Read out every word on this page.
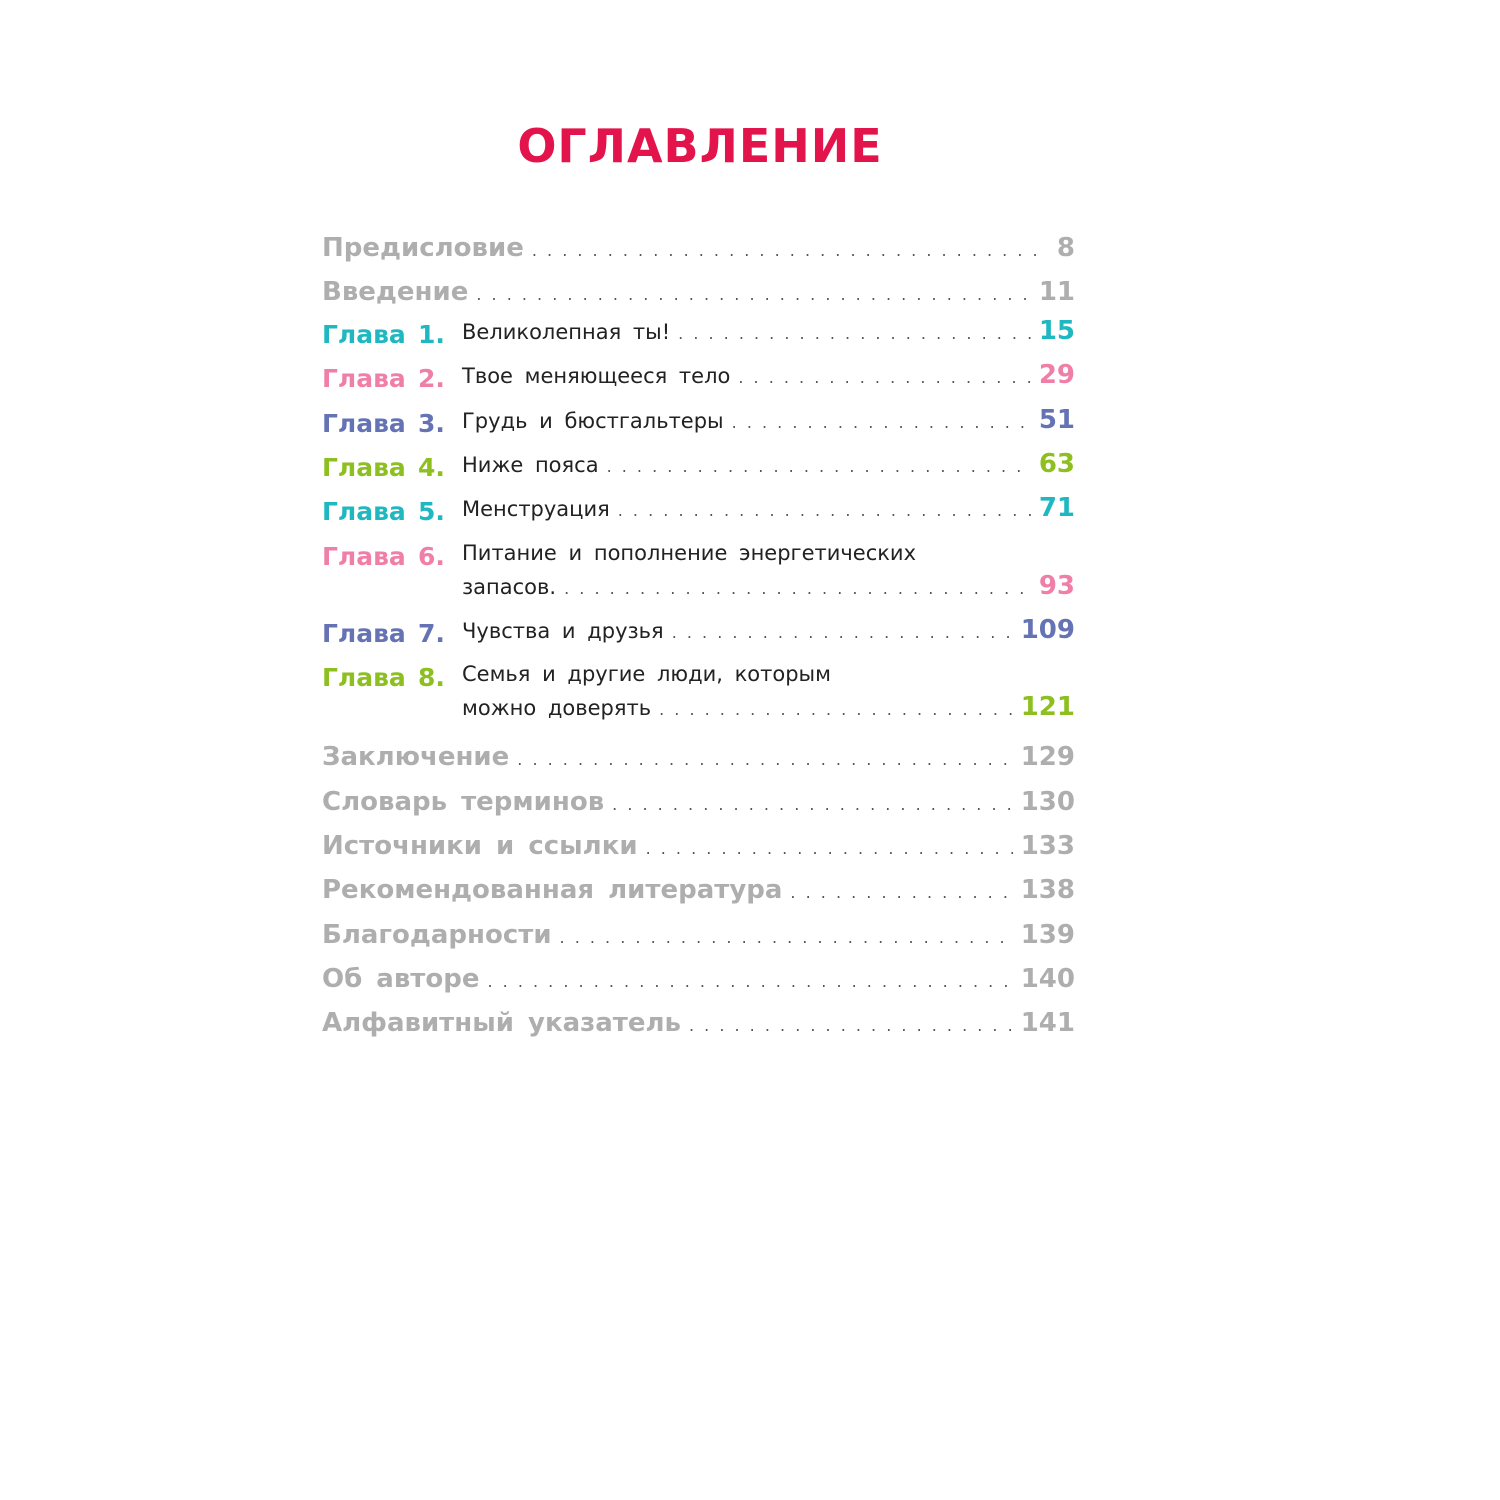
ОГЛАВЛЕНИЕ
Предисловие . . .	8
Введение . . .	11
Глава 1. Великолепная ты! . . .	15
Глава 2. Твое меняющееся тело . . .	29
Глава 3. Грудь и бюстгальтеры . . .	51
Глава 4. Ниже пояса . . .	63
Глава 5. Менструация . . .	71
Глава 6. Питание и пополнение энергетических
запасов. . . .	93
Глава 7. Чувства и друзья . . .	109
Глава 8. Семья и другие люди, которым
можно доверять . . .	121
Заключение . . .	129
Словарь терминов . . .	130
Источники и ссылки . . .	133
Рекомендованная литература . . .	138
Благодарности . . .	139
Об авторе . . .	140
Алфавитный указатель . . .	141
